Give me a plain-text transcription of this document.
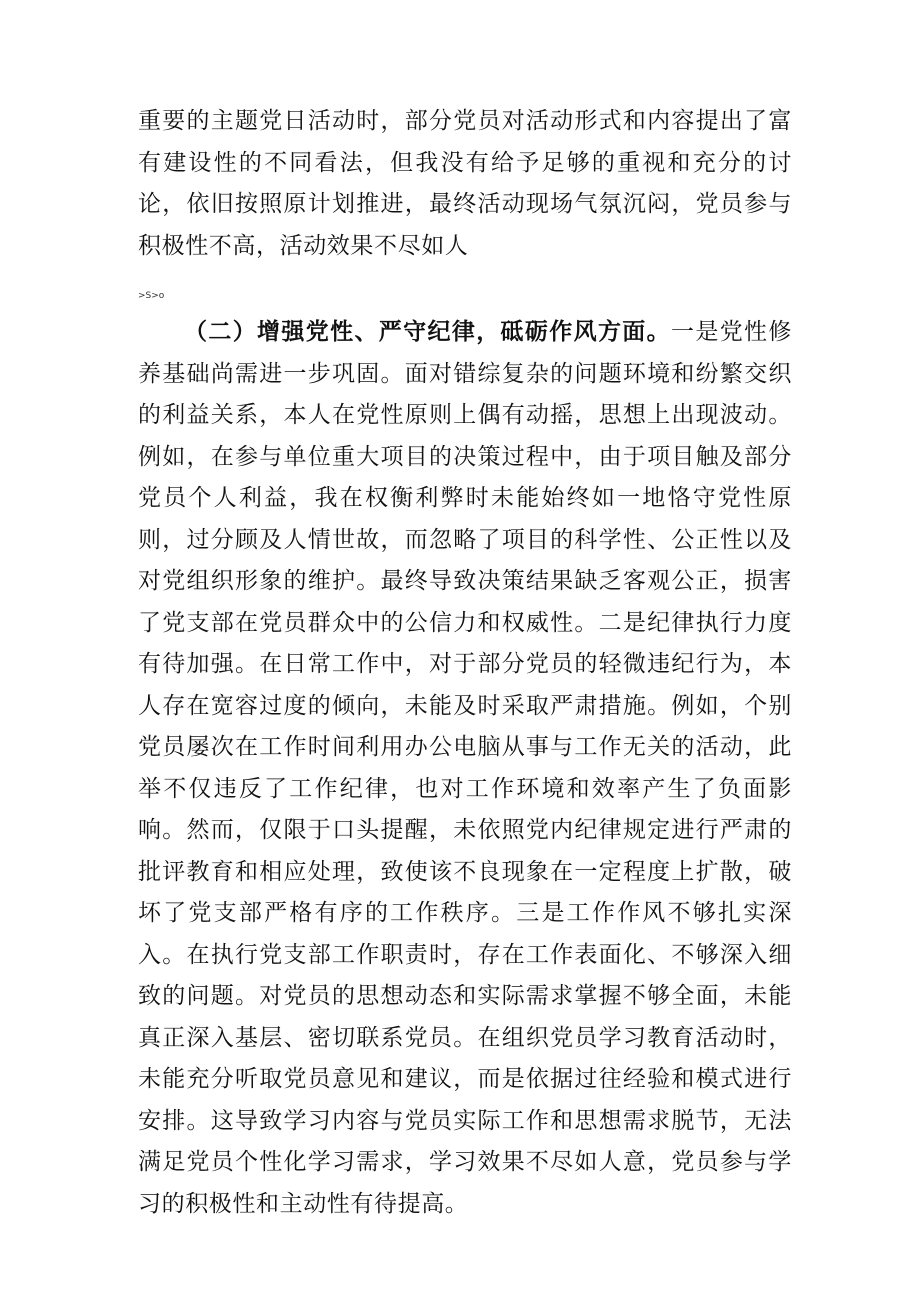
重要的主题党日活动时，部分党员对活动形式和内容提出了富有建设性的不同看法，但我没有给予足够的重视和充分的讨论，依旧按照原计划推进，最终活动现场气氛沉闷，党员参与积极性不高，活动效果不尽如人

>S>o

（二）增强党性、严守纪律，砥砺作风方面。一是党性修养基础尚需进一步巩固。面对错综复杂的问题环境和纷繁交织的利益关系，本人在党性原则上偶有动摇，思想上出现波动。例如，在参与单位重大项目的决策过程中，由于项目触及部分党员个人利益，我在权衡利弊时未能始终如一地恪守党性原则，过分顾及人情世故，而忽略了项目的科学性、公正性以及对党组织形象的维护。最终导致决策结果缺乏客观公正，损害了党支部在党员群众中的公信力和权威性。二是纪律执行力度有待加强。在日常工作中，对于部分党员的轻微违纪行为，本人存在宽容过度的倾向，未能及时采取严肃措施。例如，个别党员屡次在工作时间利用办公电脑从事与工作无关的活动，此举不仅违反了工作纪律，也对工作环境和效率产生了负面影响。然而，仅限于口头提醒，未依照党内纪律规定进行严肃的批评教育和相应处理，致使该不良现象在一定程度上扩散，破坏了党支部严格有序的工作秩序。三是工作作风不够扎实深入。在执行党支部工作职责时，存在工作表面化、不够深入细致的问题。对党员的思想动态和实际需求掌握不够全面，未能真正深入基层、密切联系党员。在组织党员学习教育活动时，未能充分听取党员意见和建议，而是依据过往经验和模式进行安排。这导致学习内容与党员实际工作和思想需求脱节，无法满足党员个性化学习需求，学习效果不尽如人意，党员参与学习的积极性和主动性有待提高。
